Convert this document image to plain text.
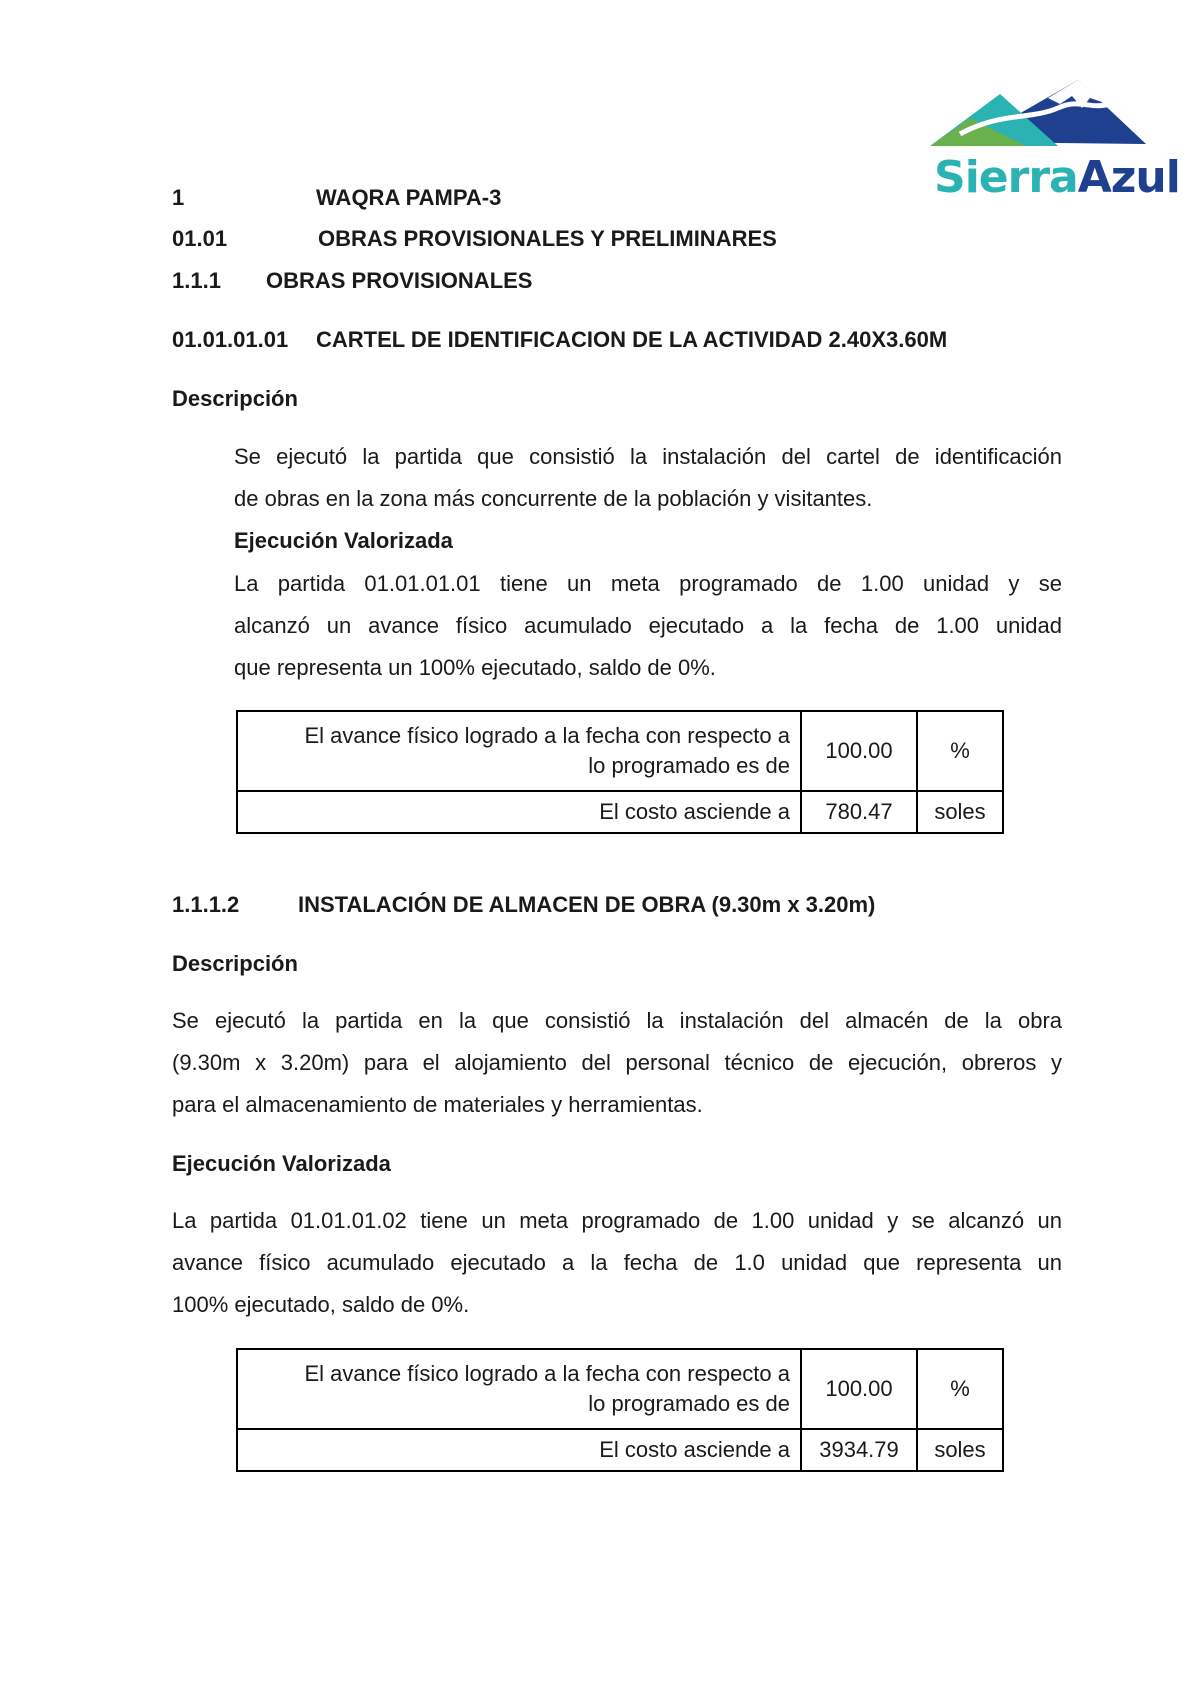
SierraAzul
1	WAQRA PAMPA-3
01.01	OBRAS PROVISIONALES Y PRELIMINARES
1.1.1 OBRAS PROVISIONALES
01.01.01.01 CARTEL DE IDENTIFICACION DE LA ACTIVIDAD 2.40X3.60M
Descripción
Se ejecutó la partida que consistió la instalación del cartel de identificación
de obras en la zona más concurrente de la población y visitantes.
Ejecución Valorizada
La partida 01.01.01.01 tiene un meta programado de 1.00 unidad y se
alcanzó un avance físico acumulado ejecutado a la fecha de 1.00 unidad
que representa un 100% ejecutado, saldo de 0%.
El avance físico logrado a la fecha con respecto a
lo programado es de	100.00	%
El costo asciende a	780.47	soles
1.1.1.2	INSTALACIÓN DE ALMACEN DE OBRA (9.30m x 3.20m)
Descripción
Se ejecutó la partida en la que consistió la instalación del almacén de la obra
(9.30m x 3.20m) para el alojamiento del personal técnico de ejecución, obreros y
para el almacenamiento de materiales y herramientas.
Ejecución Valorizada
La partida 01.01.01.02 tiene un meta programado de 1.00 unidad y se alcanzó un
avance físico acumulado ejecutado a la fecha de 1.0 unidad que representa un
100% ejecutado, saldo de 0%.
El avance físico logrado a la fecha con respecto a
lo programado es de	100.00	%
El costo asciende a	3934.79	soles
